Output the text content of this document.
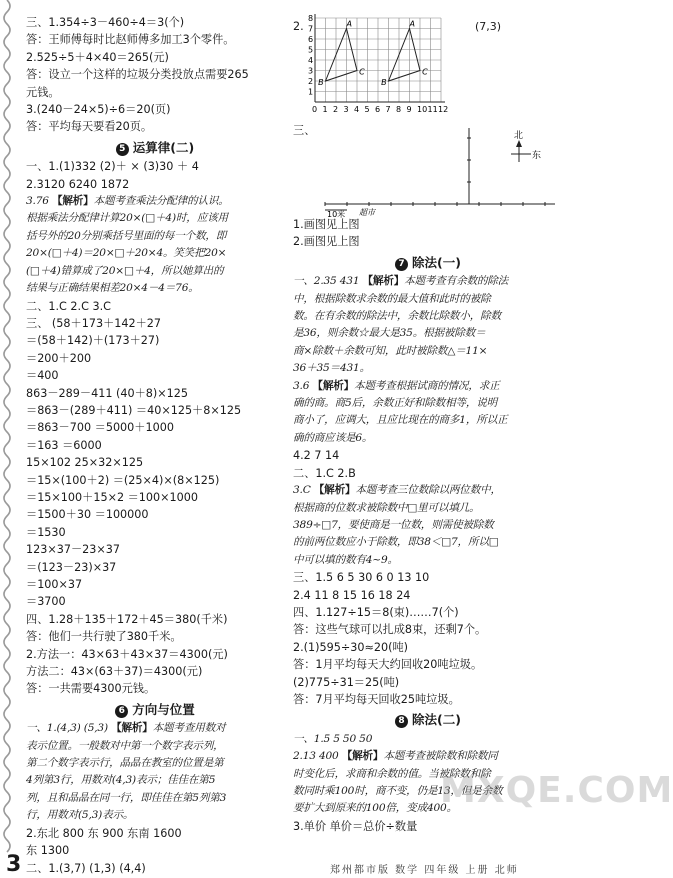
三、1.354÷3－460÷4＝3(个)
答：王师傅每时比赵师傅多加工3个零件。
2.525÷5＋4×40＝265(元)
答：设立一个这样的垃圾分类投放点需要265
元钱。
3.(240－24×5)÷6＝20(页)
答：平均每天要看20页。
5 运算律(二)
一、1.(1)332 (2)＋ × (3)30 ＋ 4
2.3120 6240 1872
3.76 【解析】本题考查乘法分配律的认识。
根据乘法分配律计算20×(□＋4)时，应该用
括号外的20分别乘括号里面的每一个数，即
20×(□＋4)＝20×□＋20×4。笑笑把20×
(□＋4)错算成了20×□＋4，所以她算出的
结果与正确结果相差20×4－4＝76。
二、1.C 2.C 3.C
三、 (58＋173＋142＋27
＝(58＋142)＋(173＋27)
＝200＋200
＝400
863－289－411 (40＋8)×125
＝863－(289＋411) ＝40×125＋8×125
＝863－700 ＝5000＋1000
＝163 ＝6000
15×102 25×32×125
＝15×(100＋2) ＝(25×4)×(8×125)
＝15×100＋15×2 ＝100×1000
＝1500＋30 ＝100000
＝1530
123×37－23×37
＝(123－23)×37
＝100×37
＝3700
四、1.28＋135＋172＋45＝380(千米)
答：他们一共行驶了380千米。
2.方法一：43×63＋43×37＝4300(元)
方法二：43×(63＋37)＝4300(元)
答：一共需要4300元钱。
6 方向与位置
一、1.(4,3) (5,3) 【解析】本题考查用数对
表示位置。一般数对中第一个数字表示列，
第二个数字表示行，晶晶在教室的位置是第
4列第3行，用数对(4,3)表示；佳佳在第5
列，且和晶晶在同一行，即佳佳在第5列第3
行，用数对(5,3)表示。
2.东北 800 东 900 东南 1600
东 1300
二、1.(3,7) (1,3) (4,4)
2.
0 1 2 3 4 5 6 7 8 9 10 11 12
1
2
3
4
5
6
7
8
A
B
C
A
B
C
(7,3)
三、	北
东
10米 超市
1.画图见上图
2.画图见上图
7 除法(一)
一、2.35 431 【解析】本题考查有余数的除法
中，根据除数求余数的最大值和此时的被除
数。在有余数的除法中，余数比除数小，除数
是36，则余数☆最大是35。根据被除数＝
商×除数＋余数可知，此时被除数△＝11×
36＋35＝431。
3.6 【解析】本题考查根据试商的情况，求正
确的商。商5后，余数正好和除数相等，说明
商小了，应调大，且应比现在的商多1，所以正
确的商应该是6。
4.2 7 14
二、1.C 2.B
3.C 【解析】本题考查三位数除以两位数中，
根据商的位数求被除数中□里可以填几。
389÷□7，要使商是一位数，则需使被除数
的前两位数应小于除数，即38＜□7，所以□
中可以填的数有4~9。
三、1.5 6 5 30 6 0 13 10
2.4 11 8 15 16 18 24
四、1.127÷15＝8(束)……7(个)
答：这些气球可以扎成8束，还剩7个。
2.(1)595÷30≈20(吨)
答：1月平均每天大约回收20吨垃圾。
(2)775÷31＝25(吨)
答：7月平均每天回收25吨垃圾。
8 除法(二)
一、1.5 5 50 50
2.13 400 【解析】本题考查被除数和除数同
时变化后，求商和余数的值。当被除数和除
数同时乘100时，商不变，仍是13，但是余数
要扩大到原来的100倍，变成400。
3.单价 单价＝总价÷数量
MXQE.COM
3	郑州都市版 数学 四年级 上册 北师
